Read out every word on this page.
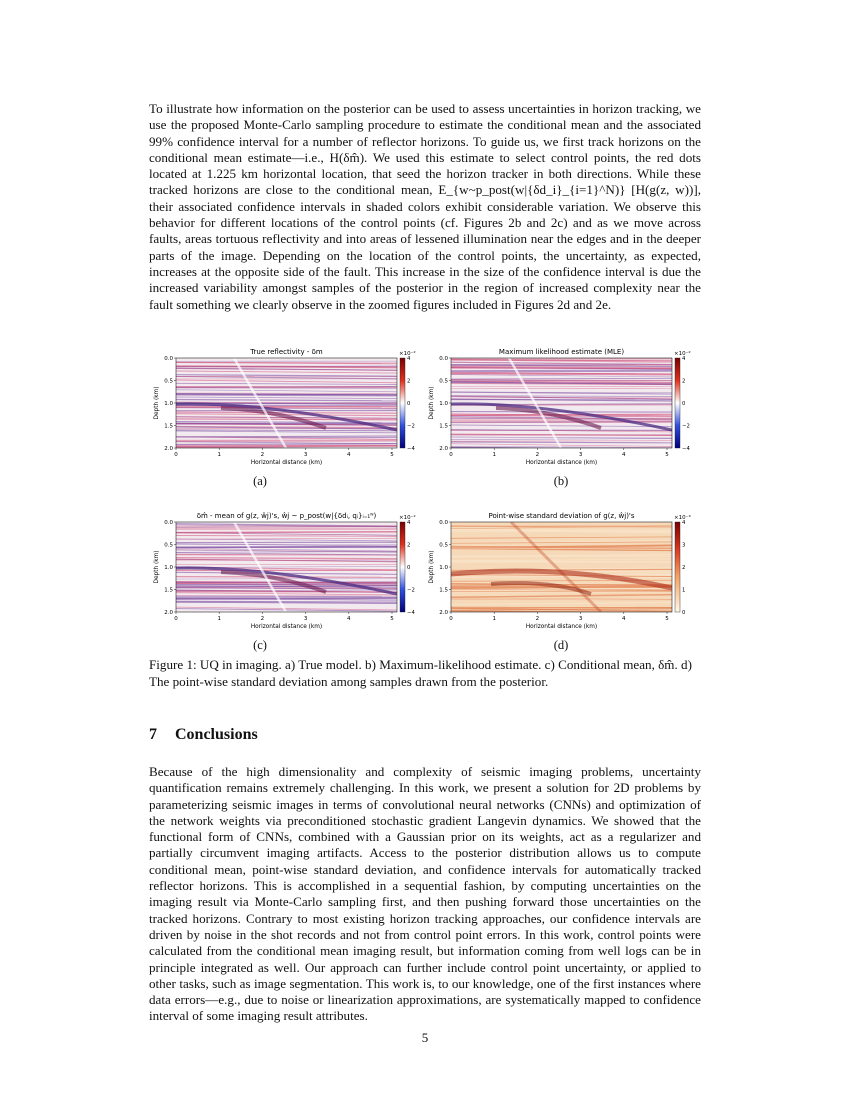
To illustrate how information on the posterior can be used to assess uncertainties in horizon tracking, we use the proposed Monte-Carlo sampling procedure to estimate the conditional mean and the associated 99% confidence interval for a number of reflector horizons. To guide us, we first track horizons on the conditional mean estimate—i.e., H(δm̂). We used this estimate to select control points, the red dots located at 1.225 km horizontal location, that seed the horizon tracker in both directions. While these tracked horizons are close to the conditional mean, E_{w~p_post(w|{δd_i}_{i=1}^N)} [H(g(z, w))], their associated confidence intervals in shaded colors exhibit considerable variation. We observe this behavior for different locations of the control points (cf. Figures 2b and 2c) and as we move across faults, areas tortuous reflectivity and into areas of lessened illumination near the edges and in the deeper parts of the image. Depending on the location of the control points, the uncertainty, as expected, increases at the opposite side of the fault. This increase in the size of the confidence interval is due the increased variability amongst samples of the posterior in the region of increased complexity near the fault something we clearly observe in the zoomed figures included in Figures 2d and 2e.

True reflectivity - δm	×10⁻²
0	1	2	3	4	5
0.0
0.5
1.0
1.5
2.0
Horizontal distance (km)
Depth (km)
4
2
0
−2
−4
Maximum likelihood estimate (MLE)	×10⁻²
0	1	2	3	4	5
0.0
0.5
1.0
1.5
2.0
Horizontal distance (km)
Depth (km)
4
2
0
−2
−4
δm̂ - mean of g(z, ŵj)'s, ŵj ~ p_post(w|{δdᵢ, qᵢ}ᵢ₌₁ᴺ)	×10⁻²
0	1	2	3	4	5
0.0
0.5
1.0
1.5
2.0
Horizontal distance (km)
Depth (km)
4
2
0
−2
−4
Point-wise standard deviation of g(z, ŵj)'s	×10⁻³
0	1	2	3	4	5
0.0
0.5
1.0
1.5
2.0
Horizontal distance (km)
Depth (km)
4
3
2
1
0
(a)	(b)
(c)	(d)

Figure 1: UQ in imaging. a) True model. b) Maximum-likelihood estimate. c) Conditional mean, δm̂. d) The point-wise standard deviation among samples drawn from the posterior.

7 Conclusions

Because of the high dimensionality and complexity of seismic imaging problems, uncertainty quantification remains extremely challenging. In this work, we present a solution for 2D problems by parameterizing seismic images in terms of convolutional neural networks (CNNs) and optimization of the network weights via preconditioned stochastic gradient Langevin dynamics. We showed that the functional form of CNNs, combined with a Gaussian prior on its weights, act as a regularizer and partially circumvent imaging artifacts. Access to the posterior distribution allows us to compute conditional mean, point-wise standard deviation, and confidence intervals for automatically tracked reflector horizons. This is accomplished in a sequential fashion, by computing uncertainties on the imaging result via Monte-Carlo sampling first, and then pushing forward those uncertainties on the tracked horizons. Contrary to most existing horizon tracking approaches, our confidence intervals are driven by noise in the shot records and not from control point errors. In this work, control points were calculated from the conditional mean imaging result, but information coming from well logs can be in principle integrated as well. Our approach can further include control point uncertainty, or applied to other tasks, such as image segmentation. This work is, to our knowledge, one of the first instances where data errors—e.g., due to noise or linearization approximations, are systematically mapped to confidence interval of some imaging result attributes.

5
